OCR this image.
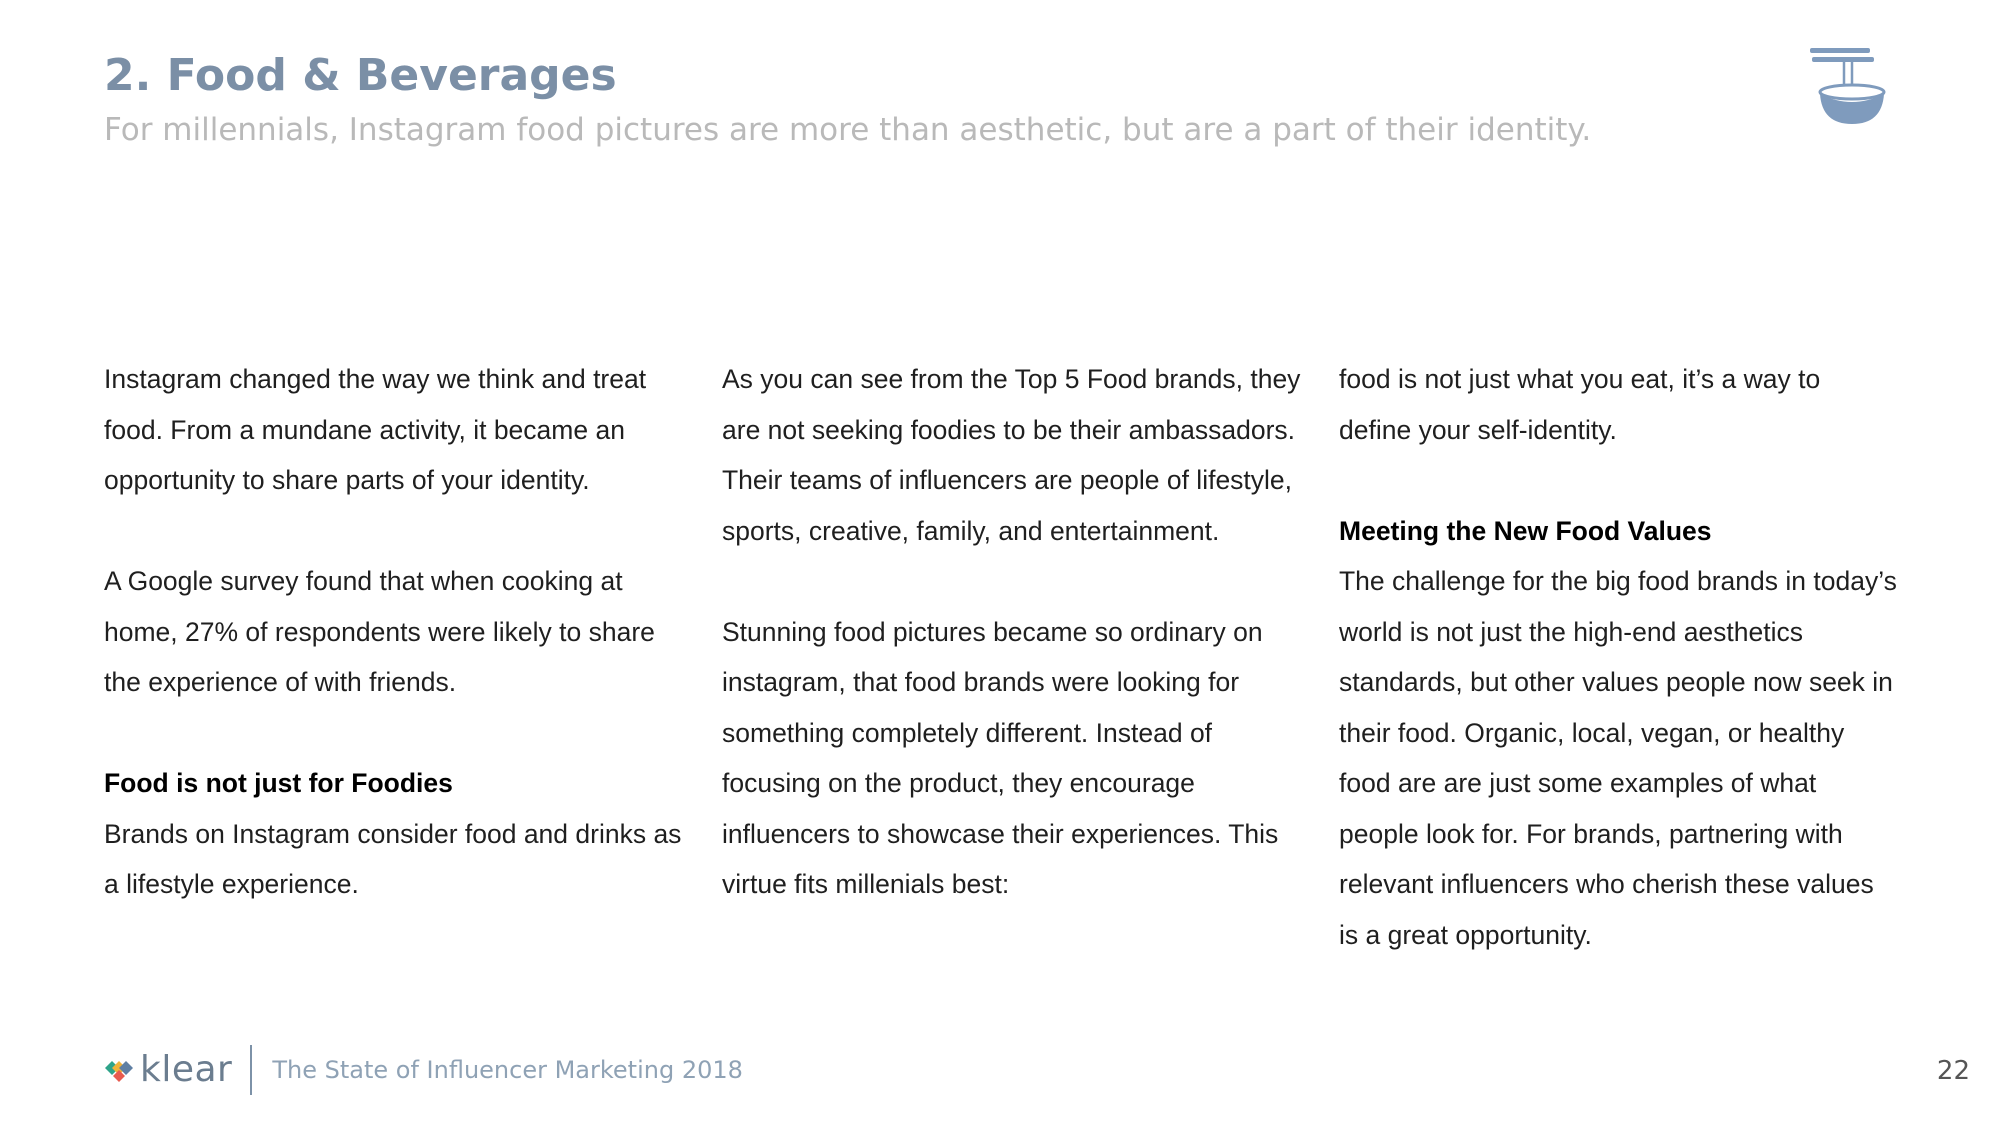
2. Food & Beverages

For millennials, Instagram food pictures are more than aesthetic, but are a part of their identity.

Instagram changed the way we think and treat food. From a mundane activity, it became an opportunity to share parts of your identity.

A Google survey found that when cooking at home, 27% of respondents were likely to share the experience of with friends.

Food is not just for Foodies
Brands on Instagram consider food and drinks as a lifestyle experience.

As you can see from the Top 5 Food brands, they are not seeking foodies to be their ambassadors. Their teams of influencers are people of lifestyle, sports, creative, family, and entertainment.

Stunning food pictures became so ordinary on instagram, that food brands were looking for something completely different. Instead of focusing on the product, they encourage influencers to showcase their experiences. This virtue fits millenials best:

food is not just what you eat, it’s a way to define your self-identity.

Meeting the New Food Values
The challenge for the big food brands in today’s world is not just the high-end aesthetics standards, but other values people now seek in their food. Organic, local, vegan, or healthy food are are just some examples of what people look for. For brands, partnering with relevant influencers who cherish these values is a great opportunity.

klear The State of Influencer Marketing 2018	22
